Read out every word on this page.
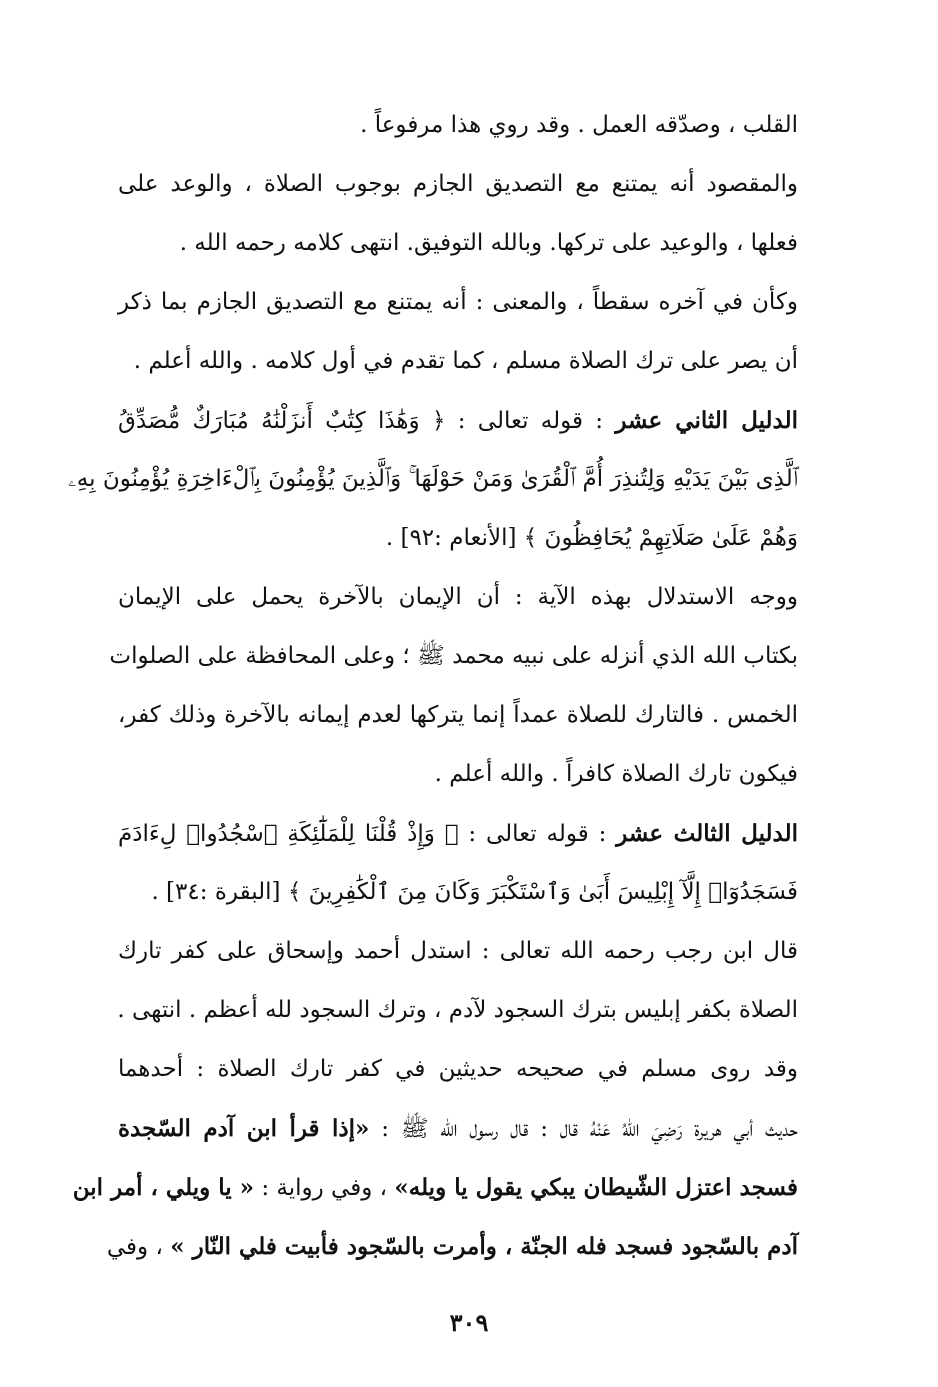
القلب ، وصدّقه العمل . وقد روي هذا مرفوعاً .
والمقصود أنه يمتنع مع التصديق الجازم بوجوب الصلاة ، والوعد على
فعلها ، والوعيد على تركها. وبالله التوفيق. انتهى كلامه رحمه الله .
وكأن في آخره سقطاً ، والمعنى : أنه يمتنع مع التصديق الجازم بما ذكر
أن يصر على ترك الصلاة مسلم ، كما تقدم في أول كلامه . والله أعلم .
الدليل الثاني عشر : قوله تعالى : ﴿ وَهَٰذَا كِتَٰبٌ أَنزَلْنَٰهُ مُبَارَكٌ مُّصَدِّقُ
ٱلَّذِى بَيْنَ يَدَيْهِ وَلِتُنذِرَ أُمَّ ٱلْقُرَىٰ وَمَنْ حَوْلَهَا ۚ وَٱلَّذِينَ يُؤْمِنُونَ بِٱلْءَاخِرَةِ يُؤْمِنُونَ بِهِۦ
وَهُمْ عَلَىٰ صَلَاتِهِمْ يُحَافِظُونَ ﴾ [الأنعام :٩٢] .
ووجه الاستدلال بهذه الآية : أن الإيمان بالآخرة يحمل على الإيمان
بكتاب الله الذي أنزله على نبيه محمد ﷺ ؛ وعلى المحافظة على الصلوات
الخمس . فالتارك للصلاة عمداً إنما يتركها لعدم إيمانه بالآخرة وذلك كفر،
فيكون تارك الصلاة كافراً . والله أعلم .
الدليل الثالث عشر : قوله تعالى : ﴿ وَإِذْ قُلْنَا لِلْمَلَٰٓئِكَةِ ٱسْجُدُوا۟ لِءَادَمَ
فَسَجَدُوٓا۟ إِلَّآ إِبْلِيسَ أَبَىٰ وَٱسْتَكْبَرَ وَكَانَ مِنَ ٱلْكَٰفِرِينَ ﴾ [البقرة :٣٤] .
قال ابن رجب رحمه الله تعالى : استدل أحمد وإسحاق على كفر تارك
الصلاة بكفر إبليس بترك السجود لآدم ، وترك السجود لله أعظم . انتهى .
وقد روى مسلم في صحيحه حديثين في كفر تارك الصلاة : أحدهما
حديث أبي هريرة رَضِيَ اللهُ عَنْهُ قال : قال رسول الله ﷺ : «إذا قرأ ابن آدم السّجدة
فسجد اعتزل الشّيطان يبكي يقول يا ويله» ، وفي رواية : « يا ويلي ، أمر ابن
آدم بالسّجود فسجد فله الجنّة ، وأمرت بالسّجود فأبيت فلي النّار » ، وفي
٣٠٩
